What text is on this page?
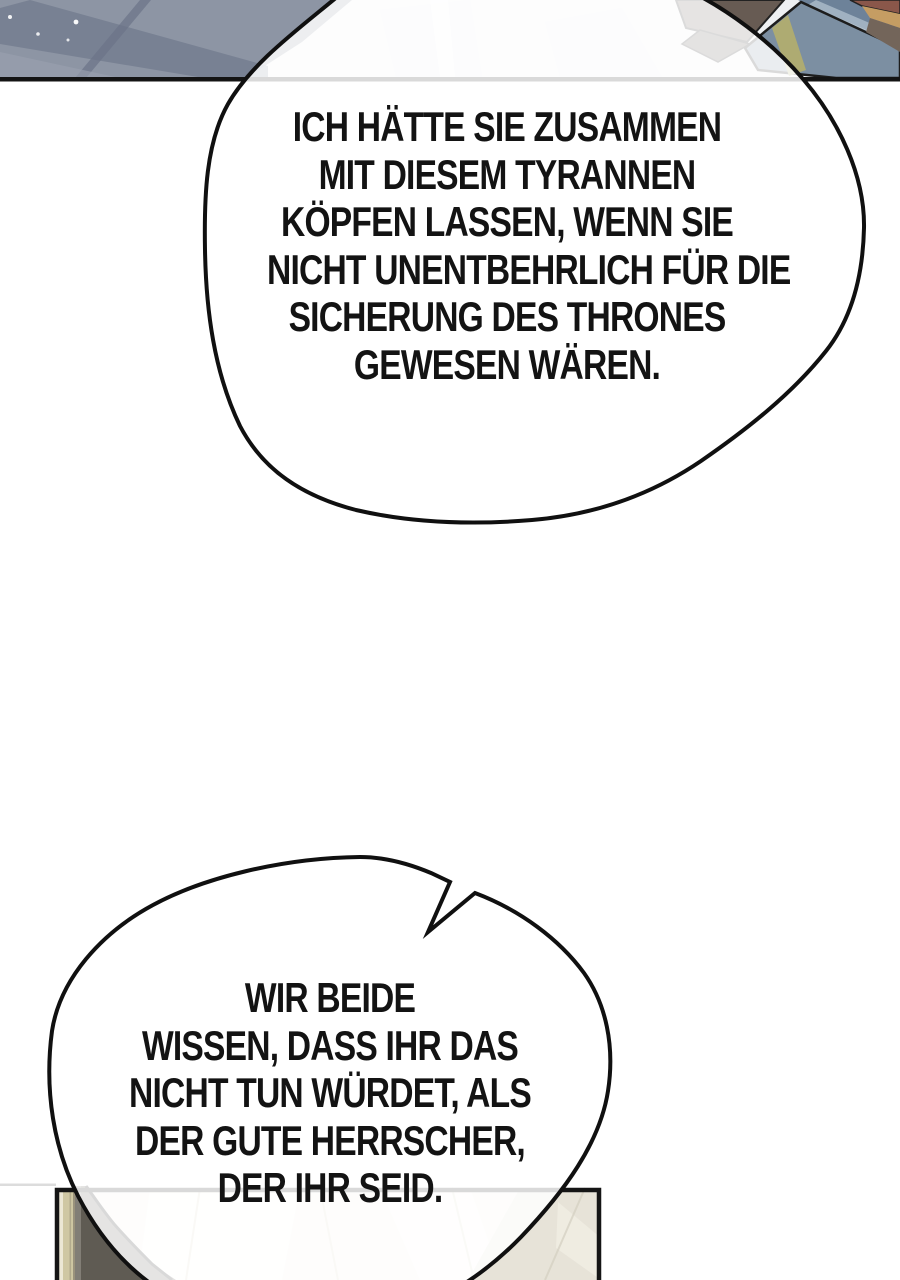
ICH HÄTTE SIE ZUSAMMEN
MIT DIESEM TYRANNEN
KÖPFEN LASSEN, WENN SIE
NICHT UNENTBEHRLICH FÜR DIE
SICHERUNG DES THRONES
GEWESEN WÄREN.
WIR BEIDE
WISSEN, DASS IHR DAS
NICHT TUN WÜRDET, ALS
DER GUTE HERRSCHER,
DER IHR SEID.
